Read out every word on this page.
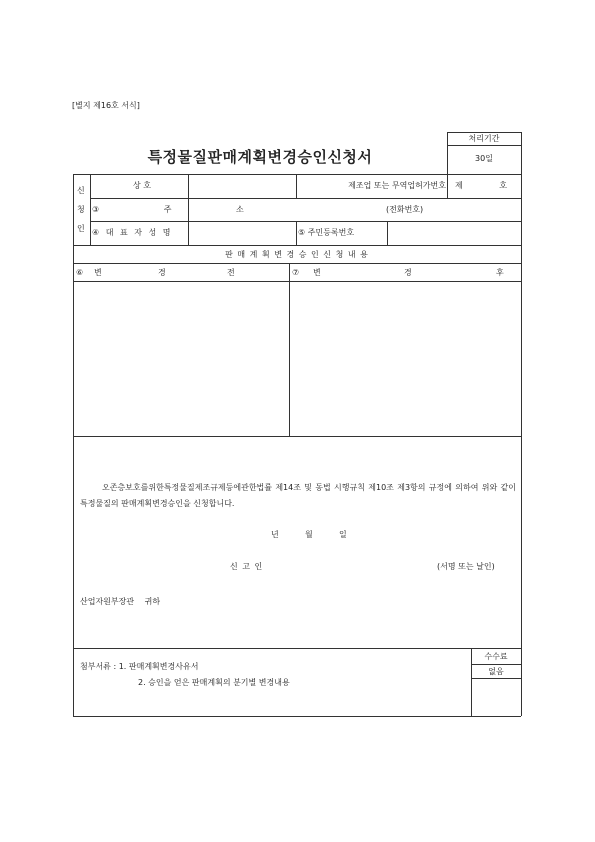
[별지 제16호 서식]
특정물질판매계획변경승인신청서
처리기간
30일
신
청
인
상 호	제조업 또는 무역업허가번호 제 호
③ 주 소	(전화번호)
④ 대 표 자 성 명	⑤ 주민등록번호
판 매 계 획 변 경 승 인 신 청 내 용
⑥ 변	경	전	⑦ 변	경	후
오존층보호를위한특정물질제조규제등에관한법률 제14조 및 동법 시행규칙 제10조 제3항의 규정에 의하여 위와 같이 특정물질의 판매계획변경승인을 신청합니다.
년	월	일
신 고 인	(서명 또는 날인)
산업자원부장관 귀하
수수료
없음
첨부서류 : 1. 판매계획변경사유서
2. 승인을 얻은 판매계획의 분기별 변경내용
